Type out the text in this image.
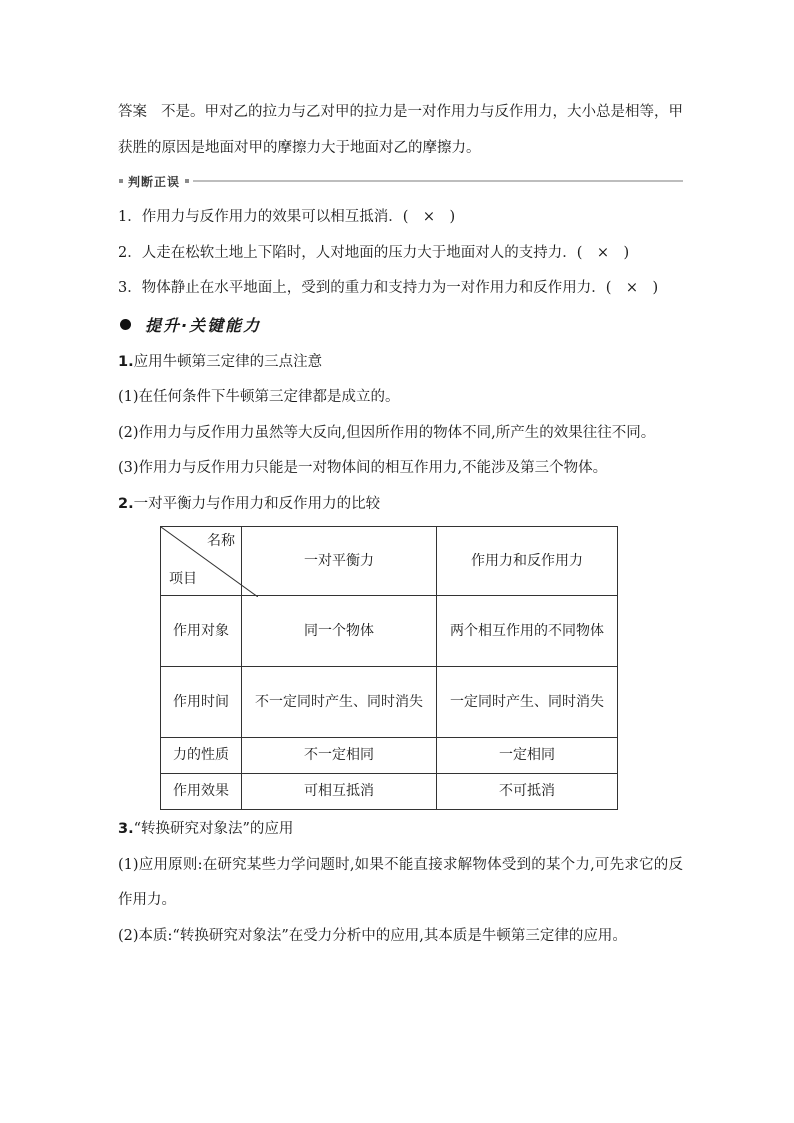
答案 不是。甲对乙的拉力与乙对甲的拉力是一对作用力与反作用力，大小总是相等，甲获胜的原因是地面对甲的摩擦力大于地面对乙的摩擦力。
判断正误
1．作用力与反作用力的效果可以相互抵消．(　×　)
2．人走在松软土地上下陷时，人对地面的压力大于地面对人的支持力．(　×　)
3．物体静止在水平地面上，受到的重力和支持力为一对作用力和反作用力．(　×　)
提升·关键能力
1.应用牛顿第三定律的三点注意
(1)在任何条件下牛顿第三定律都是成立的。
(2)作用力与反作用力虽然等大反向,但因所作用的物体不同,所产生的效果往往不同。
(3)作用力与反作用力只能是一对物体间的相互作用力,不能涉及第三个物体。
2.一对平衡力与作用力和反作用力的比较
名称
项目	一对平衡力	作用力和反作用力
作用对象	同一个物体	两个相互作用的不同物体
作用时间	不一定同时产生、同时消失	一定同时产生、同时消失
力的性质	不一定相同	一定相同
作用效果	可相互抵消	不可抵消
3.“转换研究对象法”的应用
(1)应用原则:在研究某些力学问题时,如果不能直接求解物体受到的某个力,可先求它的反作用力。
(2)本质:“转换研究对象法”在受力分析中的应用,其本质是牛顿第三定律的应用。
